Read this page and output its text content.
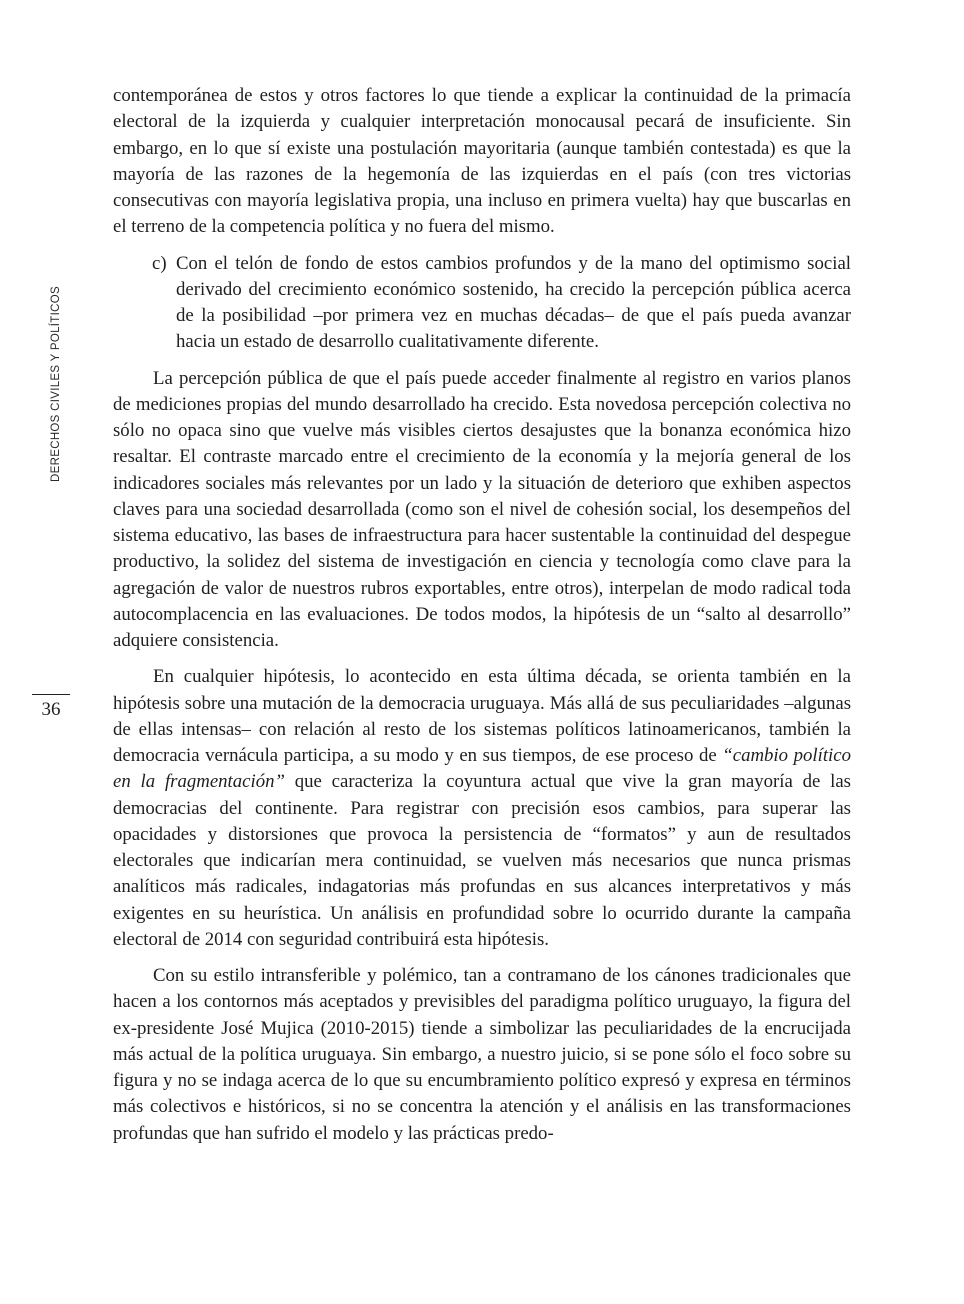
DERECHOS CIVILES Y POLÍTICOS
36

contemporánea de estos y otros factores lo que tiende a explicar la continuidad de la primacía electoral de la izquierda y cualquier interpretación monocausal pecará de insuficiente. Sin embargo, en lo que sí existe una postulación mayoritaria (aunque también contestada) es que la mayoría de las razones de la hegemonía de las izquierdas en el país (con tres victorias consecutivas con mayoría legislativa propia, una incluso en primera vuelta) hay que buscarlas en el terreno de la competencia política y no fuera del mismo.

c) Con el telón de fondo de estos cambios profundos y de la mano del optimismo social derivado del crecimiento económico sostenido, ha crecido la percepción pública acerca de la posibilidad –por primera vez en muchas décadas– de que el país pueda avanzar hacia un estado de desarrollo cualitativamente diferente.

La percepción pública de que el país puede acceder finalmente al registro en varios planos de mediciones propias del mundo desarrollado ha crecido. Esta novedosa percepción colectiva no sólo no opaca sino que vuelve más visibles ciertos desajustes que la bonanza económica hizo resaltar. El contraste marcado entre el crecimiento de la economía y la mejoría general de los indicadores sociales más relevantes por un lado y la situación de deterioro que exhiben aspectos claves para una sociedad desarrollada (como son el nivel de cohesión social, los desempeños del sistema educativo, las bases de infraestructura para hacer sustentable la continuidad del despegue productivo, la solidez del sistema de investigación en ciencia y tecnología como clave para la agregación de valor de nuestros rubros exportables, entre otros), interpelan de modo radical toda autocomplacencia en las evaluaciones. De todos modos, la hipótesis de un “salto al desarrollo” adquiere consistencia.

En cualquier hipótesis, lo acontecido en esta última década, se orienta también en la hipótesis sobre una mutación de la democracia uruguaya. Más allá de sus peculiaridades –algunas de ellas intensas– con relación al resto de los sistemas políticos latinoamericanos, también la democracia vernácula participa, a su modo y en sus tiempos, de ese proceso de “cambio político en la fragmentación” que caracteriza la coyuntura actual que vive la gran mayoría de las democracias del continente. Para registrar con precisión esos cambios, para superar las opacidades y distorsiones que provoca la persistencia de “formatos” y aun de resultados electorales que indicarían mera continuidad, se vuelven más necesarios que nunca prismas analíticos más radicales, indagatorias más profundas en sus alcances interpretativos y más exigentes en su heurística. Un análisis en profundidad sobre lo ocurrido durante la campaña electoral de 2014 con seguridad contribuirá esta hipótesis.

Con su estilo intransferible y polémico, tan a contramano de los cánones tradicionales que hacen a los contornos más aceptados y previsibles del paradigma político uruguayo, la figura del ex-presidente José Mujica (2010-2015) tiende a simbolizar las peculiaridades de la encrucijada más actual de la política uruguaya. Sin embargo, a nuestro juicio, si se pone sólo el foco sobre su figura y no se indaga acerca de lo que su encumbramiento político expresó y expresa en términos más colectivos e históricos, si no se concentra la atención y el análisis en las transformaciones profundas que han sufrido el modelo y las prácticas predo-
